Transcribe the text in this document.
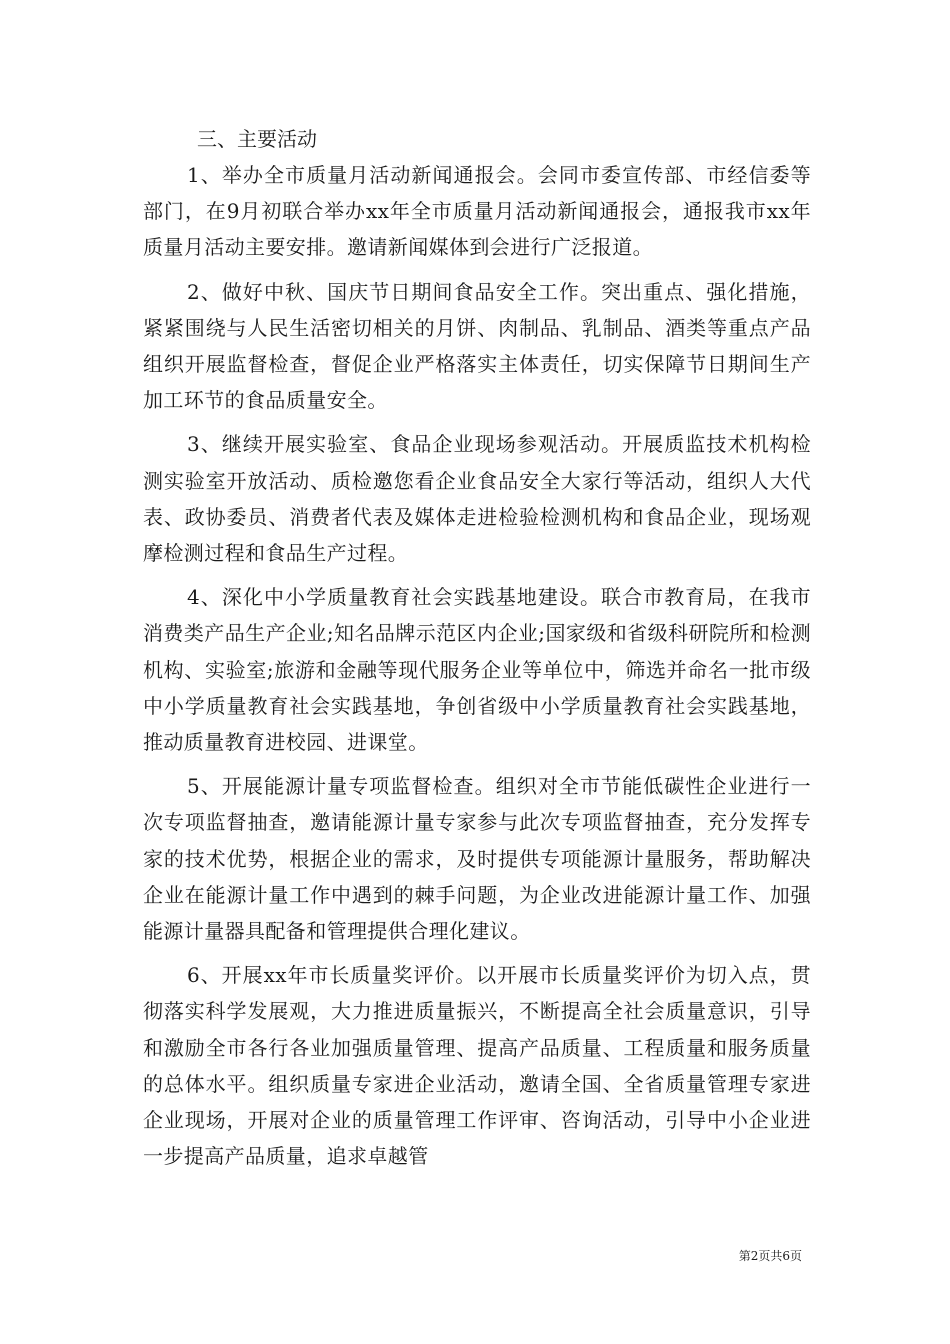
三、主要活动

1、举办全市质量月活动新闻通报会。会同市委宣传部、市经信委等部门，在9月初联合举办xx年全市质量月活动新闻通报会，通报我市xx年质量月活动主要安排。邀请新闻媒体到会进行广泛报道。

2、做好中秋、国庆节日期间食品安全工作。突出重点、强化措施，紧紧围绕与人民生活密切相关的月饼、肉制品、乳制品、酒类等重点产品组织开展监督检查，督促企业严格落实主体责任，切实保障节日期间生产加工环节的食品质量安全。

3、继续开展实验室、食品企业现场参观活动。开展质监技术机构检测实验室开放活动、质检邀您看企业食品安全大家行等活动，组织人大代表、政协委员、消费者代表及媒体走进检验检测机构和食品企业，现场观摩检测过程和食品生产过程。

4、深化中小学质量教育社会实践基地建设。联合市教育局，在我市消费类产品生产企业;知名品牌示范区内企业;国家级和省级科研院所和检测机构、实验室;旅游和金融等现代服务企业等单位中，筛选并命名一批市级中小学质量教育社会实践基地，争创省级中小学质量教育社会实践基地，推动质量教育进校园、进课堂。

5、开展能源计量专项监督检查。组织对全市节能低碳性企业进行一次专项监督抽查，邀请能源计量专家参与此次专项监督抽查，充分发挥专家的技术优势，根据企业的需求，及时提供专项能源计量服务，帮助解决企业在能源计量工作中遇到的棘手问题，为企业改进能源计量工作、加强能源计量器具配备和管理提供合理化建议。

6、开展xx年市长质量奖评价。以开展市长质量奖评价为切入点，贯彻落实科学发展观，大力推进质量振兴，不断提高全社会质量意识，引导和激励全市各行各业加强质量管理、提高产品质量、工程质量和服务质量的总体水平。组织质量专家进企业活动，邀请全国、全省质量管理专家进企业现场，开展对企业的质量管理工作评审、咨询活动，引导中小企业进一步提高产品质量，追求卓越管

第2页共6页
